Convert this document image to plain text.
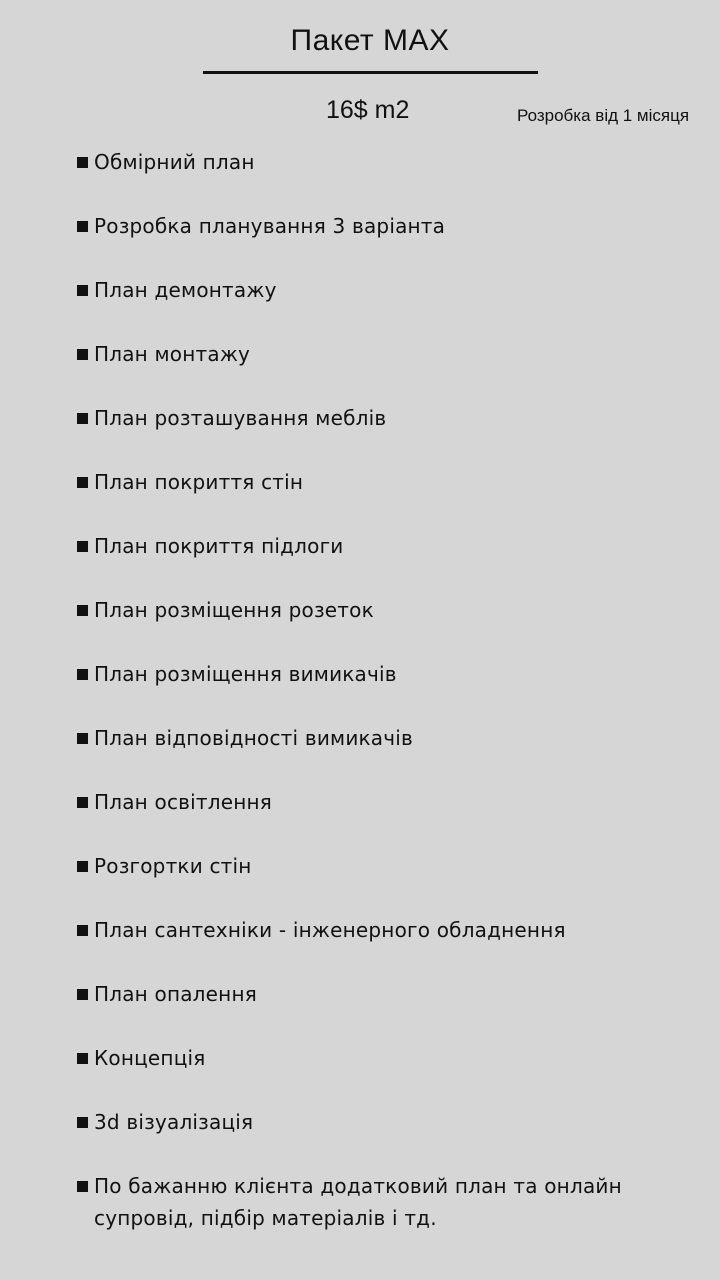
Пакет MAX
16$ m2	Розробка від 1 місяця
Обмірний план
Розробка планування 3 варіанта
План демонтажу
План монтажу
План розташування меблів
План покриття стін
План покриття підлоги
План розміщення розеток
План розміщення вимикачів
План відповідності вимикачів
План освітлення
Розгортки стін
План сантехніки - інженерного обладнення
План опалення
Концепція
3d візуалізація
По бажанню клієнта додатковий план та онлайн супровід, підбір матеріалів і тд.
